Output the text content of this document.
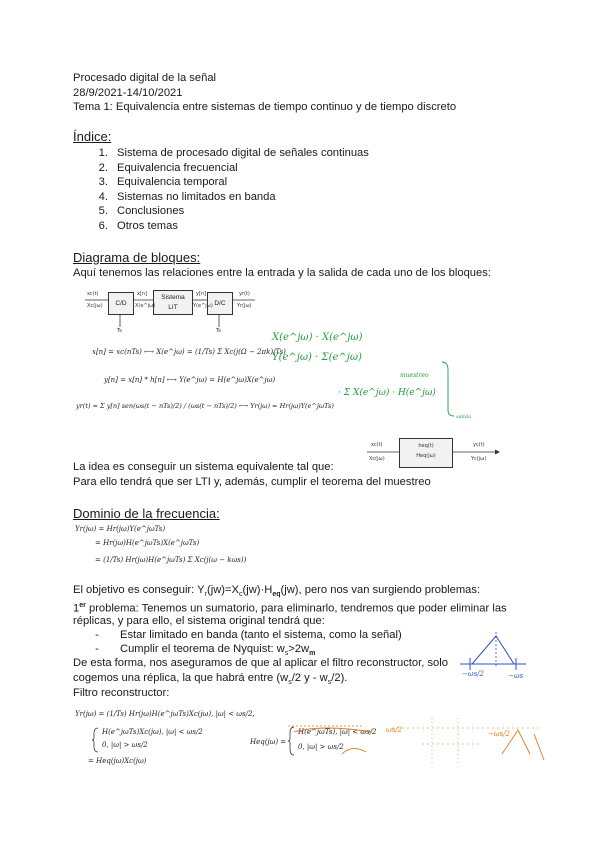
Procesado digital de la señal
28/9/2021-14/10/2021
Tema 1: Equivalencia entre sistemas de tiempo continuo y de tiempo discreto
Índice:
1. Sistema de procesado digital de señales continuas
2. Equivalencia frecuencial
3. Equivalencia temporal
4. Sistemas no limitados en banda
5. Conclusiones
6. Otros temas
Diagrama de bloques:
Aquí tenemos las relaciones entre la entrada y la salida de cada uno de los bloques:
C/D
Sistema
LIT
D/C
xc(t)
Xc(jω)
x[n]
X(e^jω)
y[n]
Y(e^jω)
yr(t)
Yr(jω)
Ts	Ts
x[n] = xc(nTs) ⟷ X(e^jω) = (1/Ts) Σ Xc(j(Ω − 2πk)/Ts)
y[n] = x[n] * h[n] ⟷ Y(e^jω) = H(e^jω)X(e^jω)
yr(t) = Σ y[n] sen(ωs(t − nTs)/2) / (ωs(t − nTs)/2) ⟷ Yr(jω) = Hr(jω)Y(e^jωTs)
X(e^jω) · X(e^jω)
Y(e^jω) · Σ(e^jω)
muestreo
· Σ X(e^jω) · H(e^jω)
salida
heq(t)
Heq(jω)
xc(t)
Xc(jω)
yc(t)
Yc(jω)
La idea es conseguir un sistema equivalente tal que:
Para ello tendrá que ser LTI y, además, cumplir el teorema del muestreo
Dominio de la frecuencia:
Yr(jω) = Hr(jω)Y(e^jωTs)
= Hr(jω)H(e^jωTs)X(e^jωTs)
= (1/Ts) Hr(jω)H(e^jωTs) Σ Xc(j(ω − kωs))
El objetivo es conseguir: $Y_r(jw)=X_c(jw)\cdot H_{eq}(jw)$, pero nos van surgiendo problemas:
1er problema: Tenemos un sumatorio, para eliminarlo, tendremos que poder eliminar las
réplicas, y para ello, el sistema original tendrá que:
- Estar limitado en banda (tanto el sistema, como la señal)
- Cumplir el teorema de Nyquist: $w_s>2w_m$
De esta forma, nos aseguramos de que al aplicar el filtro reconstructor, solo
cogemos una réplica, la que habrá entre ($w_s/2$ y - $w_s/2$).
Filtro reconstructor:
−ωs/2	−ωs
Yr(jω) = (1/Ts) Hr(jω)H(e^jωTs)Xc(jω), |ω| < ωs/2,
H(e^jωTs)Xc(jω), |ω| < ωs/2
0, |ω| > ωs/2
= Heq(jω)Xc(jω)
Heq(jω) =
H(e^jωTs), |ω| < ωs/2
0, |ω| > ωs/2
ωs/2	−ωs/2
